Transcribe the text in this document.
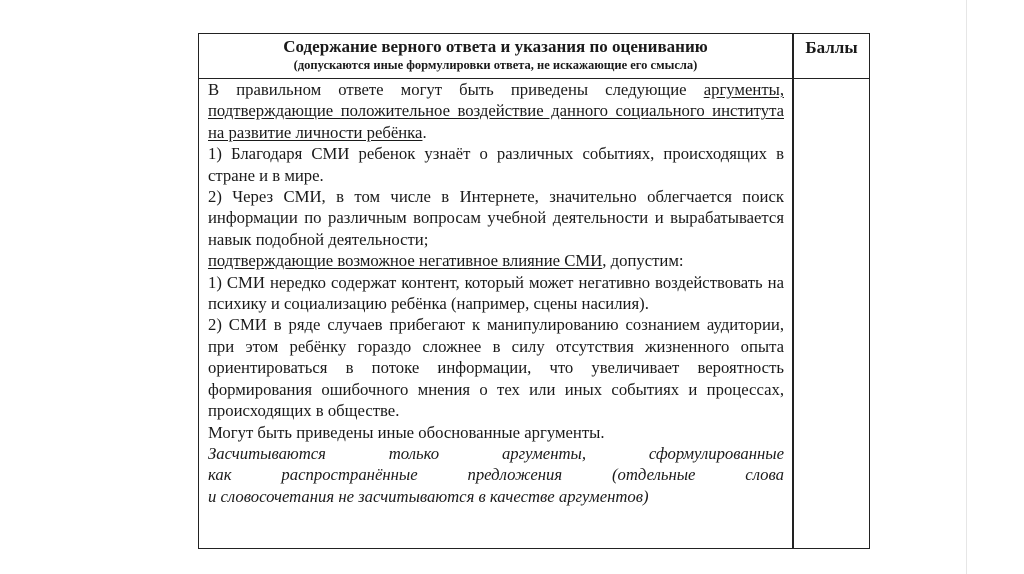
Содержание верного ответа и указания по оцениванию
(допускаются иные формулировки ответа, не искажающие его смысла)
Баллы

В правильном ответе могут быть приведены следующие аргументы, подтверждающие положительное воздействие данного социального института на развитие личности ребёнка.

1) Благодаря СМИ ребенок узнаёт о различных событиях, происходящих в стране и в мире.

2) Через СМИ, в том числе в Интернете, значительно облегчается поиск информации по различным вопросам учебной деятельности и вырабатывается навык подобной деятельности;

подтверждающие возможное негативное влияние СМИ, допустим:

1) СМИ нередко содержат контент, который может негативно воздействовать на психику и социализацию ребёнка (например, сцены насилия).

2) СМИ в ряде случаев прибегают к манипулированию сознанием аудитории, при этом ребёнку гораздо сложнее в силу отсутствия жизненного опыта ориентироваться в потоке информации, что увеличивает вероятность формирования ошибочного мнения о тех или иных событиях и процессах, происходящих в обществе.

Могут быть приведены иные обоснованные аргументы.

Засчитываются только аргументы, сформулированные
как распространённые предложения (отдельные слова
и словосочетания не засчитываются в качестве аргументов)
